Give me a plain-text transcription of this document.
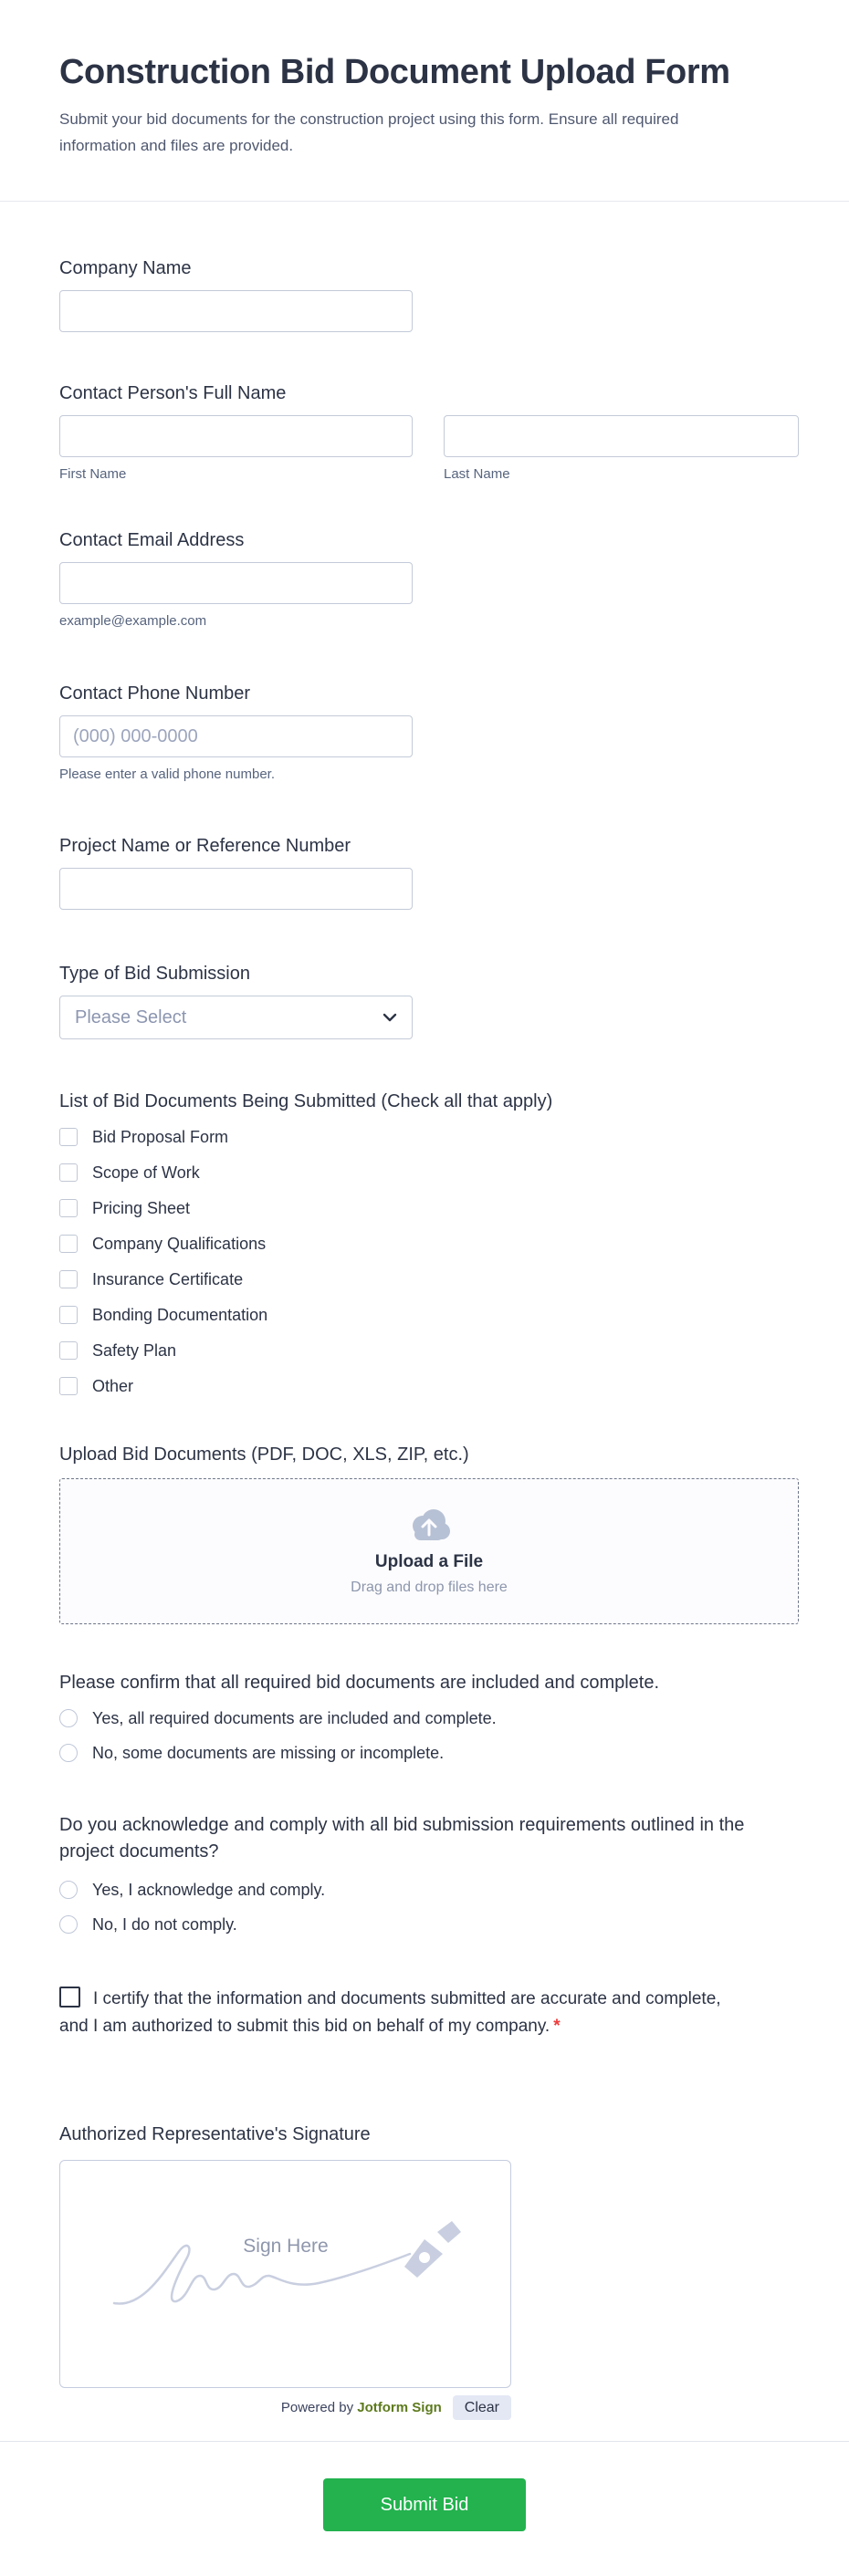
Construction Bid Document Upload Form
Submit your bid documents for the construction project using this form. Ensure all required information and files are provided.
Company Name
Contact Person's Full Name
First Name	Last Name
Contact Email Address
example@example.com
Contact Phone Number
(000) 000-0000
Please enter a valid phone number.
Project Name or Reference Number
Type of Bid Submission
Please Select
List of Bid Documents Being Submitted (Check all that apply)
Bid Proposal Form
Scope of Work
Pricing Sheet
Company Qualifications
Insurance Certificate
Bonding Documentation
Safety Plan
Other
Upload Bid Documents (PDF, DOC, XLS, ZIP, etc.)
Upload a File
Drag and drop files here
Please confirm that all required bid documents are included and complete.
Yes, all required documents are included and complete.
No, some documents are missing or incomplete.
Do you acknowledge and comply with all bid submission requirements outlined in the project documents?
Yes, I acknowledge and comply.
No, I do not comply.
I certify that the information and documents submitted are accurate and complete, and I am authorized to submit this bid on behalf of my company. *
Authorized Representative's Signature
Sign Here
Powered by Jotform Sign	Clear
Submit Bid
